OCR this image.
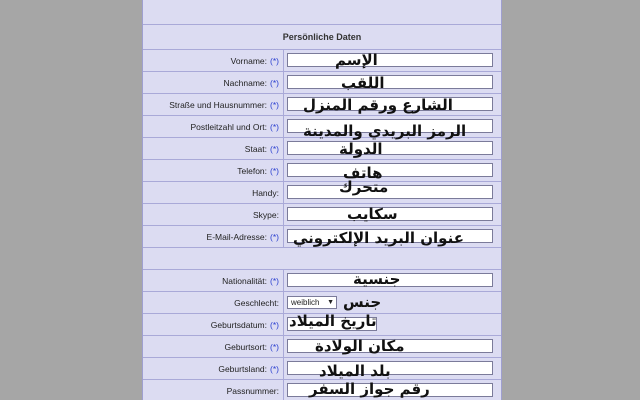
Persönliche Daten
Vorname: (*)	الإسم
Nachname: (*)	اللقب
Straße und Hausnummer: (*) الشارع ورقم المنزل
Postleitzahl und Ort: (*) الرمز البريدي والمدينة
Staat: (*)	الدولة
Telefon: (*)	هاتف
Handy:	متحرك
Skype:	سكايب
E-Mail-Adresse: (*) عنوان البريد الإلكتروني
Nationalität: (*)	جنسية
Geschlecht:	weiblich ▼ جنس
Geburtsdatum: (*) تاريخ الميلاد
Geburtsort: (*) مكان الولادة
Geburtsland: (*)	بلد الميلاد
Passnummer: رقم جواز السفر
